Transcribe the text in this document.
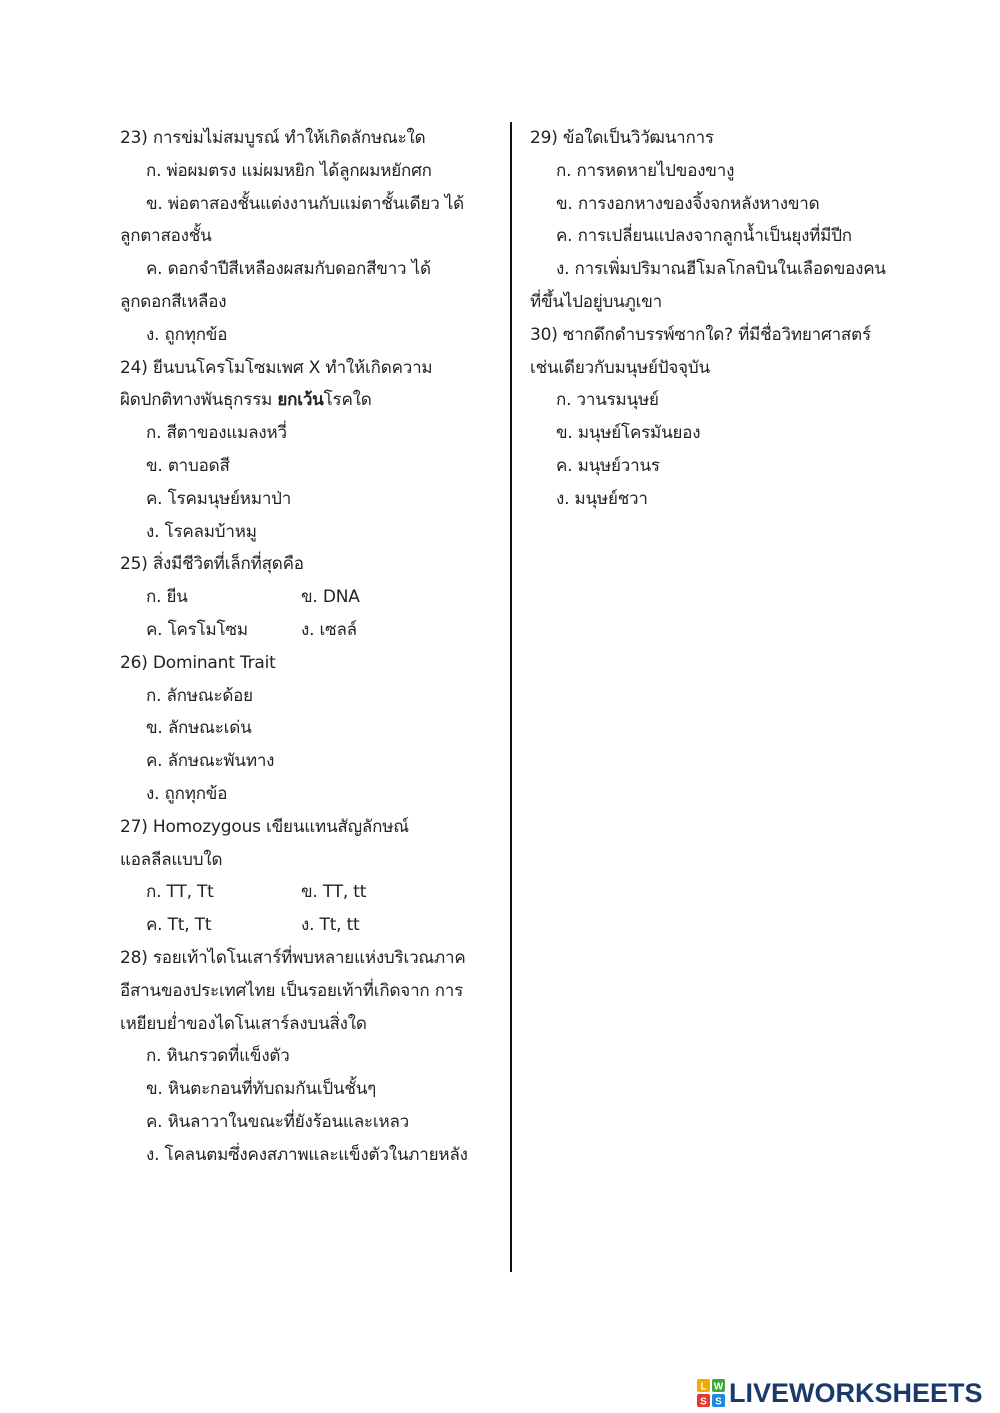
23) การข่มไม่สมบูรณ์ ทำให้เกิดลักษณะใด
ก. พ่อผมตรง แม่ผมหยิก ได้ลูกผมหยักศก
ข. พ่อตาสองชั้นแต่งงานกับแม่ตาชั้นเดียว ได้
ลูกตาสองชั้น
ค. ดอกจำปีสีเหลืองผสมกับดอกสีขาว ได้
ลูกดอกสีเหลือง
ง. ถูกทุกข้อ
24) ยีนบนโครโมโซมเพศ X ทำให้เกิดความ
ผิดปกติทางพันธุกรรม ยกเว้นโรคใด
ก. สีตาของแมลงหวี่
ข. ตาบอดสี
ค. โรคมนุษย์หมาป่า
ง. โรคลมบ้าหมู
25) สิ่งมีชีวิตที่เล็กที่สุดคือ
ก. ยีน	ข. DNA
ค. โครโมโซม	ง. เซลล์
26) Dominant Trait
ก. ลักษณะด้อย
ข. ลักษณะเด่น
ค. ลักษณะพันทาง
ง. ถูกทุกข้อ
27) Homozygous เขียนแทนสัญลักษณ์
แอลลีลแบบใด
ก. TT, Tt	ข. TT, tt
ค. Tt, Tt	ง. Tt, tt
28) รอยเท้าไดโนเสาร์ที่พบหลายแห่งบริเวณภาค
อีสานของประเทศไทย เป็นรอยเท้าที่เกิดจาก การ
เหยียบย่ำของไดโนเสาร์ลงบนสิ่งใด
ก. หินกรวดที่แข็งตัว
ข. หินตะกอนที่ทับถมกันเป็นชั้นๆ
ค. หินลาวาในขณะที่ยังร้อนและเหลว
ง. โคลนตมซึ่งคงสภาพและแข็งตัวในภายหลัง
29) ข้อใดเป็นวิวัฒนาการ
ก. การหดหายไปของขางู
ข. การงอกหางของจิ้งจกหลังหางขาด
ค. การเปลี่ยนแปลงจากลูกน้ำเป็นยุงที่มีปีก
ง. การเพิ่มปริมาณฮีโมลโกลบินในเลือดของคน
ที่ขึ้นไปอยู่บนภูเขา
30) ซากดึกดำบรรพ์ซากใด? ที่มีชื่อวิทยาศาสตร์
เช่นเดียวกับมนุษย์ปัจจุบัน
ก. วานรมนุษย์
ข. มนุษย์โครมันยอง
ค. มนุษย์วานร
ง. มนุษย์ชวา
L W
S S LIVEWORKSHEETS
